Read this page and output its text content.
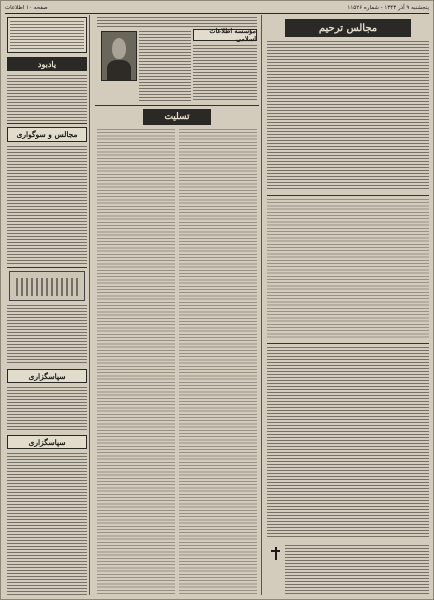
پنجشنبه ۹ آذر ۱۳۴۳ - شماره ۱۱۵۲۶
صفحه ۱۰ اطلاعات
یادبود
مجالس و سوگواری
سپاسگزاری
سپاسگزاری
مؤسسه اطلاعات اسلامی
تسلیت
مجالس ترحیم
